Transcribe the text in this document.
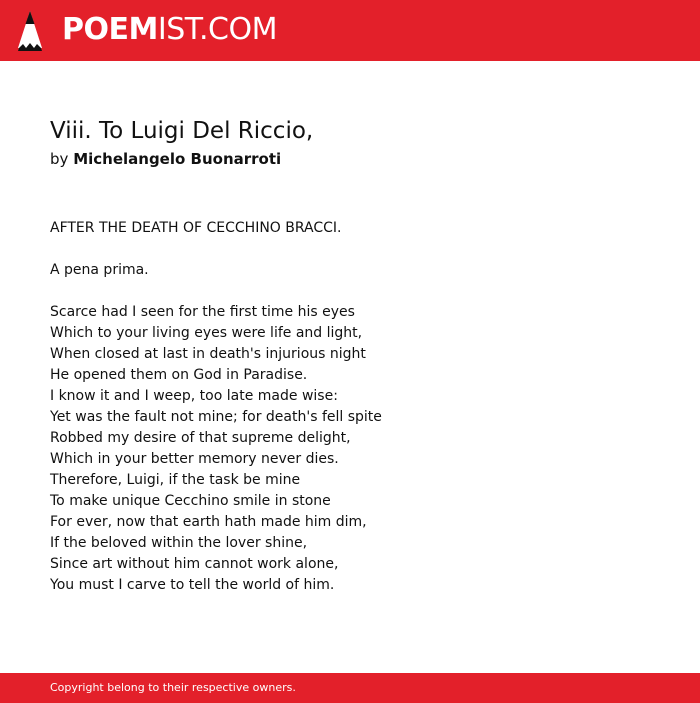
POEMIST.COM
Viii. To Luigi Del Riccio,
by Michelangelo Buonarroti
AFTER THE DEATH OF CECCHINO BRACCI.
A pena prima.
Scarce had I seen for the first time his eyes
Which to your living eyes were life and light,
When closed at last in death's injurious night
He opened them on God in Paradise.
I know it and I weep, too late made wise:
Yet was the fault not mine; for death's fell spite
Robbed my desire of that supreme delight,
Which in your better memory never dies.
Therefore, Luigi, if the task be mine
To make unique Cecchino smile in stone
For ever, now that earth hath made him dim,
If the beloved within the lover shine,
Since art without him cannot work alone,
You must I carve to tell the world of him.
Copyright belong to their respective owners.
